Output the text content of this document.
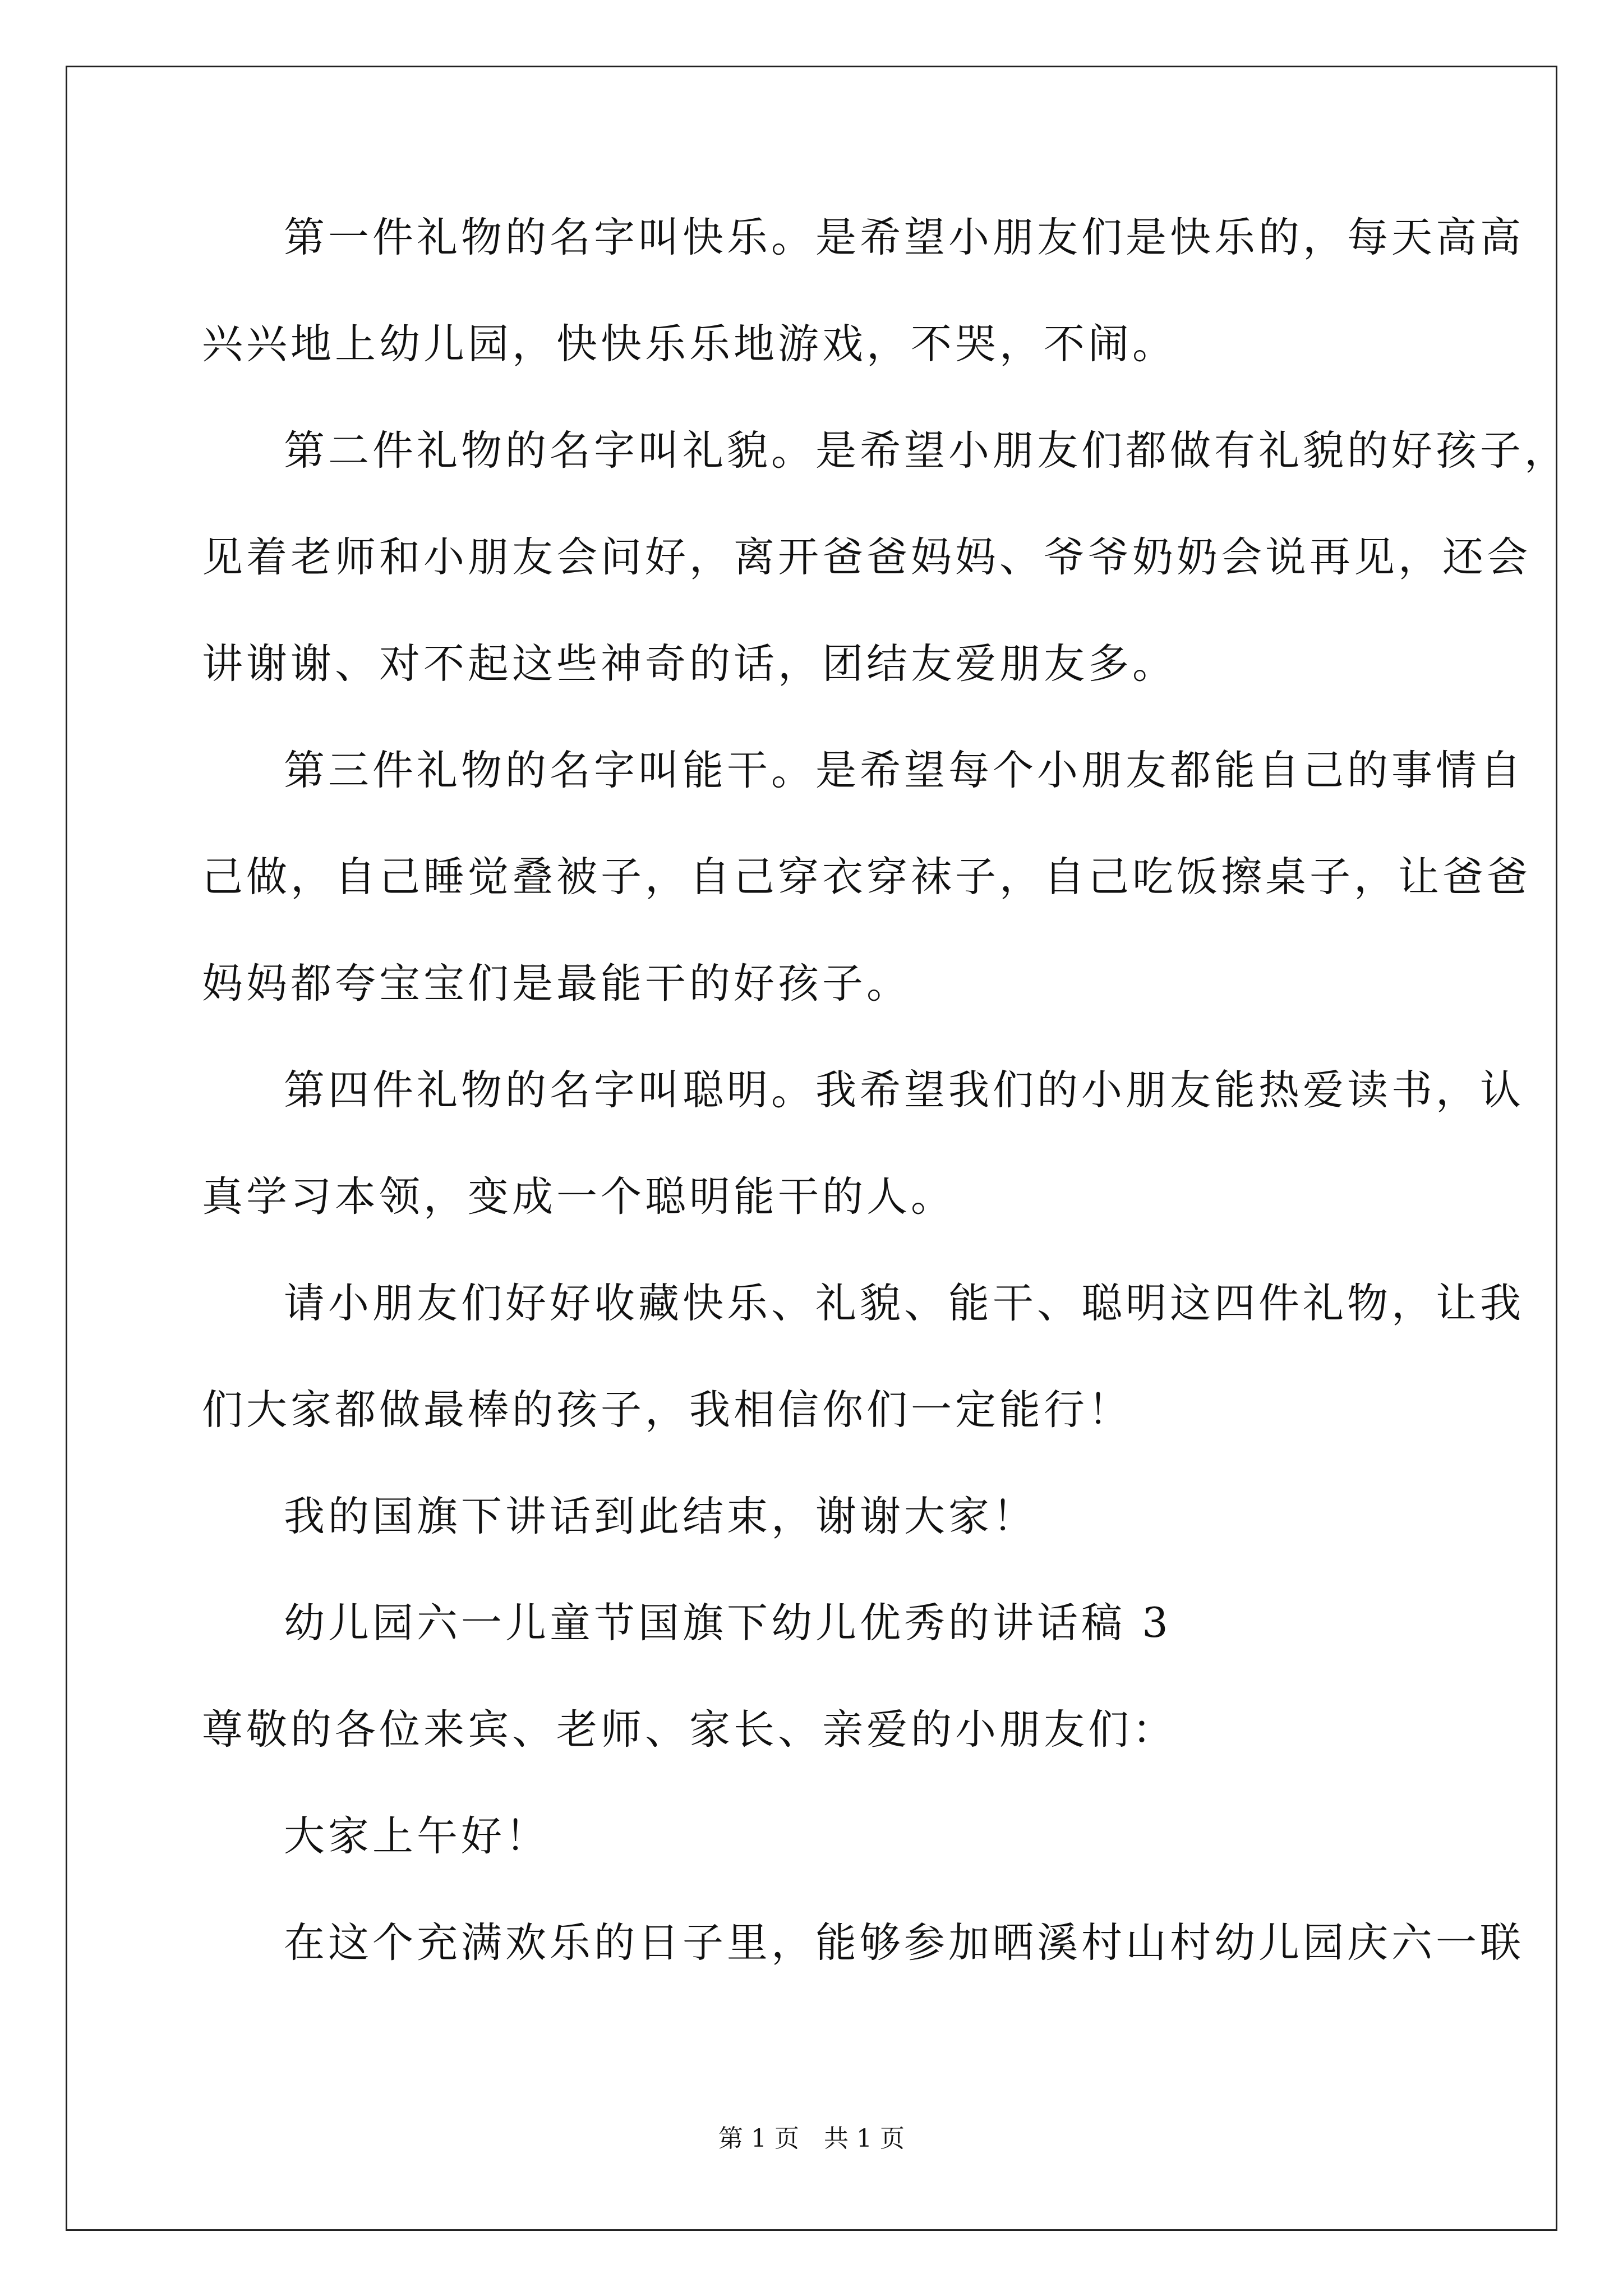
第一件礼物的名字叫快乐。是希望小朋友们是快乐的，每天高高
兴兴地上幼儿园，快快乐乐地游戏，不哭，不闹。
第二件礼物的名字叫礼貌。是希望小朋友们都做有礼貌的好孩子，
见着老师和小朋友会问好，离开爸爸妈妈、爷爷奶奶会说再见，还会
讲谢谢、对不起这些神奇的话，团结友爱朋友多。
第三件礼物的名字叫能干。是希望每个小朋友都能自己的事情自
己做，自己睡觉叠被子，自己穿衣穿袜子，自己吃饭擦桌子，让爸爸
妈妈都夸宝宝们是最能干的好孩子。
第四件礼物的名字叫聪明。我希望我们的小朋友能热爱读书，认
真学习本领，变成一个聪明能干的人。
请小朋友们好好收藏快乐、礼貌、能干、聪明这四件礼物，让我
们大家都做最棒的孩子，我相信你们一定能行！
我的国旗下讲话到此结束，谢谢大家！
幼儿园六一儿童节国旗下幼儿优秀的讲话稿 3
尊敬的各位来宾、老师、家长、亲爱的小朋友们：
大家上午好！
在这个充满欢乐的日子里，能够参加晒溪村山村幼儿园庆六一联
第 1 页 共 1 页
